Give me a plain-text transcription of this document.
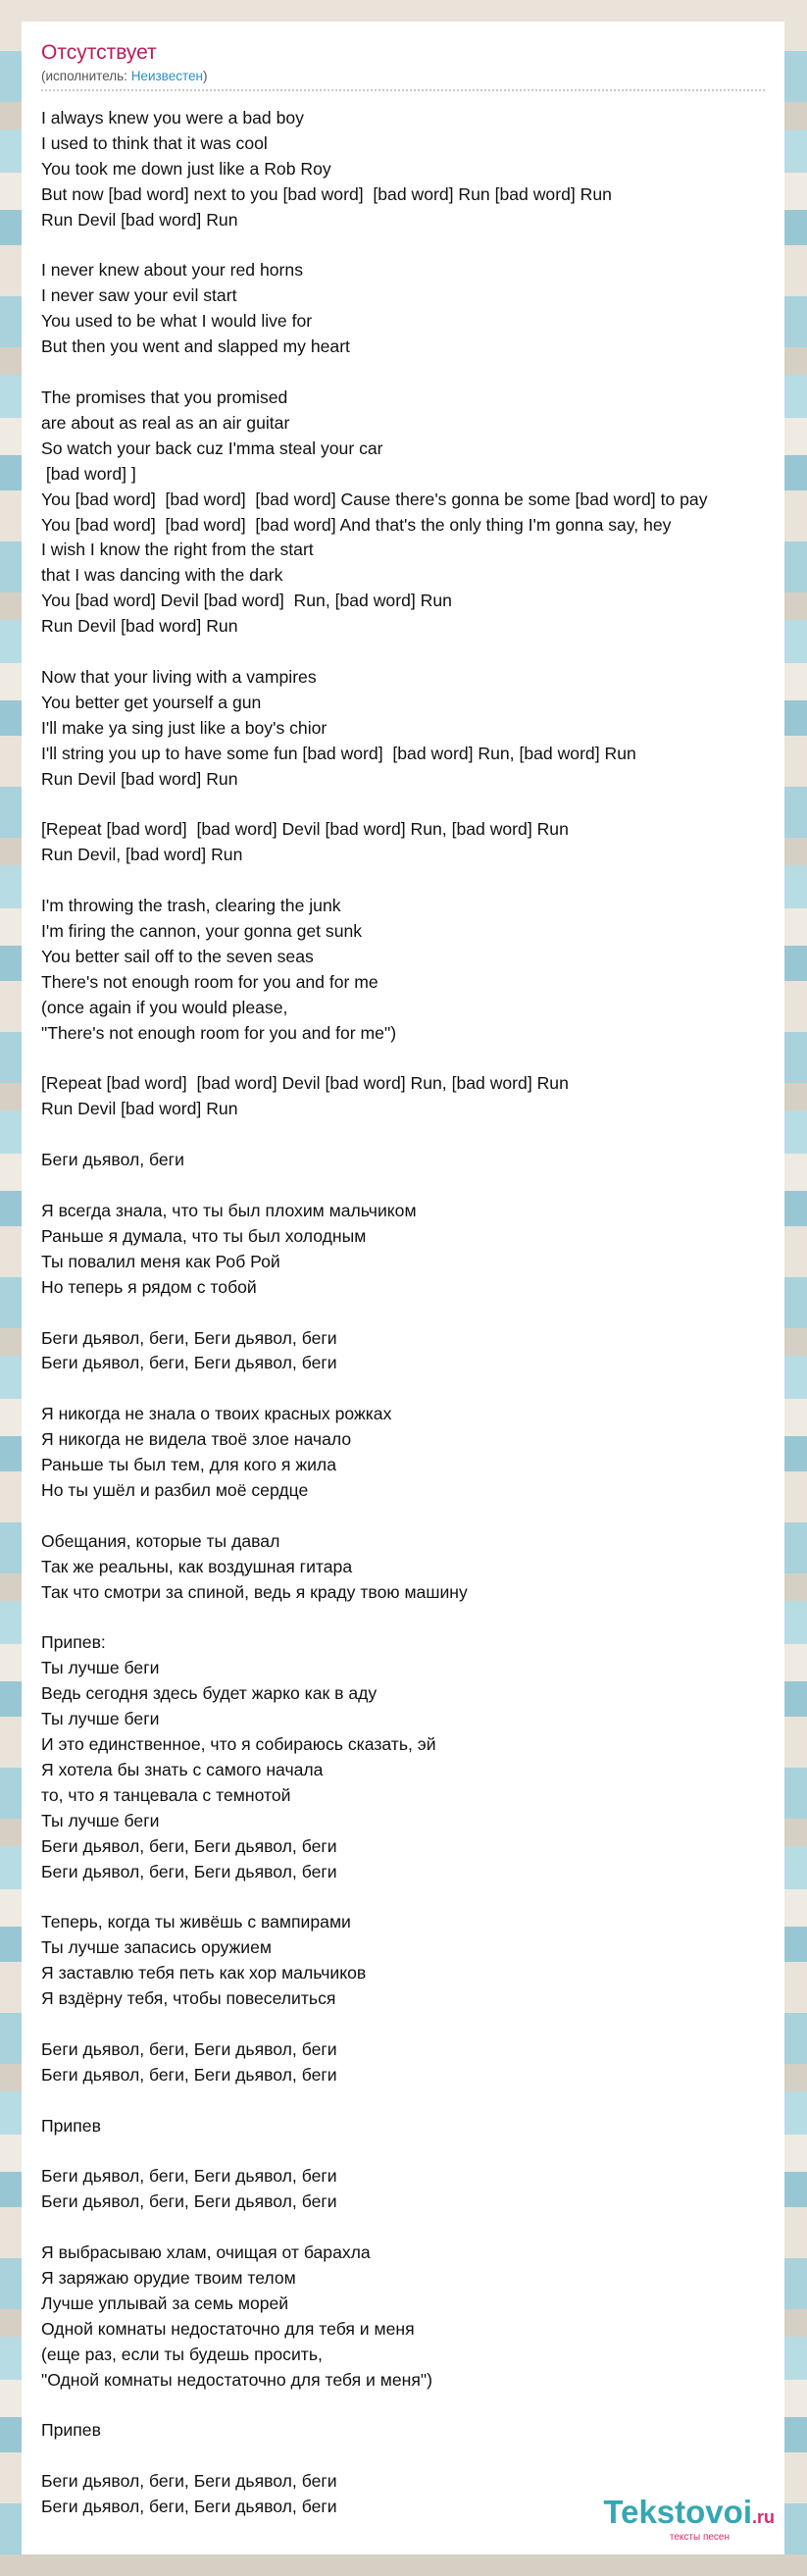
Отсутствует
(исполнитель: Неизвестен)
I always knew you were a bad boy
I used to think that it was cool
You took me down just like a Rob Roy
But now [bad word] next to you [bad word]  [bad word] Run [bad word] Run
Run Devil [bad word] Run

I never knew about your red horns
I never saw your evil start
You used to be what I would live for
But then you went and slapped my heart

The promises that you promised
are about as real as an air guitar
So watch your back cuz I'mma steal your car
[bad word] ]
You [bad word]  [bad word]  [bad word] Cause there's gonna be some [bad word] to pay
You [bad word]  [bad word]  [bad word] And that's the only thing I'm gonna say, hey
I wish I know the right from the start
that I was dancing with the dark
You [bad word] Devil [bad word]  Run, [bad word] Run
Run Devil [bad word] Run

Now that your living with a vampires
You better get yourself a gun
I'll make ya sing just like a boy's chior
I'll string you up to have some fun [bad word]  [bad word] Run, [bad word] Run
Run Devil [bad word] Run

[Repeat [bad word]  [bad word] Devil [bad word] Run, [bad word] Run
Run Devil, [bad word] Run

I'm throwing the trash, clearing the junk
I'm firing the cannon, your gonna get sunk
You better sail off to the seven seas
There's not enough room for you and for me
(once again if you would please,
"There's not enough room for you and for me")

[Repeat [bad word]  [bad word] Devil [bad word] Run, [bad word] Run
Run Devil [bad word] Run

Беги дьявол, беги

Я всегда знала, что ты был плохим мальчиком
Раньше я думала, что ты был холодным
Ты повалил меня как Роб Рой
Но теперь я рядом с тобой

Беги дьявол, беги, Беги дьявол, беги
Беги дьявол, беги, Беги дьявол, беги

Я никогда не знала о твоих красных рожках
Я никогда не видела твоё злое начало
Раньше ты был тем, для кого я жила
Но ты ушёл и разбил моё сердце

Обещания, которые ты давал
Так же реальны, как воздушная гитара
Так что смотри за спиной, ведь я краду твою машину

Припев:
Ты лучше беги
Ведь сегодня здесь будет жарко как в аду
Ты лучше беги
И это единственное, что я собираюсь сказать, эй
Я хотела бы знать с самого начала
то, что я танцевала с темнотой
Ты лучше беги
Беги дьявол, беги, Беги дьявол, беги
Беги дьявол, беги, Беги дьявол, беги

Теперь, когда ты живёшь с вампирами
Ты лучше запасись оружием
Я заставлю тебя петь как хор мальчиков
Я вздёрну тебя, чтобы повеселиться

Беги дьявол, беги, Беги дьявол, беги
Беги дьявол, беги, Беги дьявол, беги

Припев

Беги дьявол, беги, Беги дьявол, беги
Беги дьявол, беги, Беги дьявол, беги

Я выбрасываю хлам, очищая от барахла
Я заряжаю орудие твоим телом
Лучше уплывай за семь морей
Одной комнаты недостаточно для тебя и меня
(еще раз, если ты будешь просить,
"Одной комнаты недостаточно для тебя и меня")

Припев

Беги дьявол, беги, Беги дьявол, беги
Беги дьявол, беги, Беги дьявол, беги	Tekstovoi.ru
тексты песен
